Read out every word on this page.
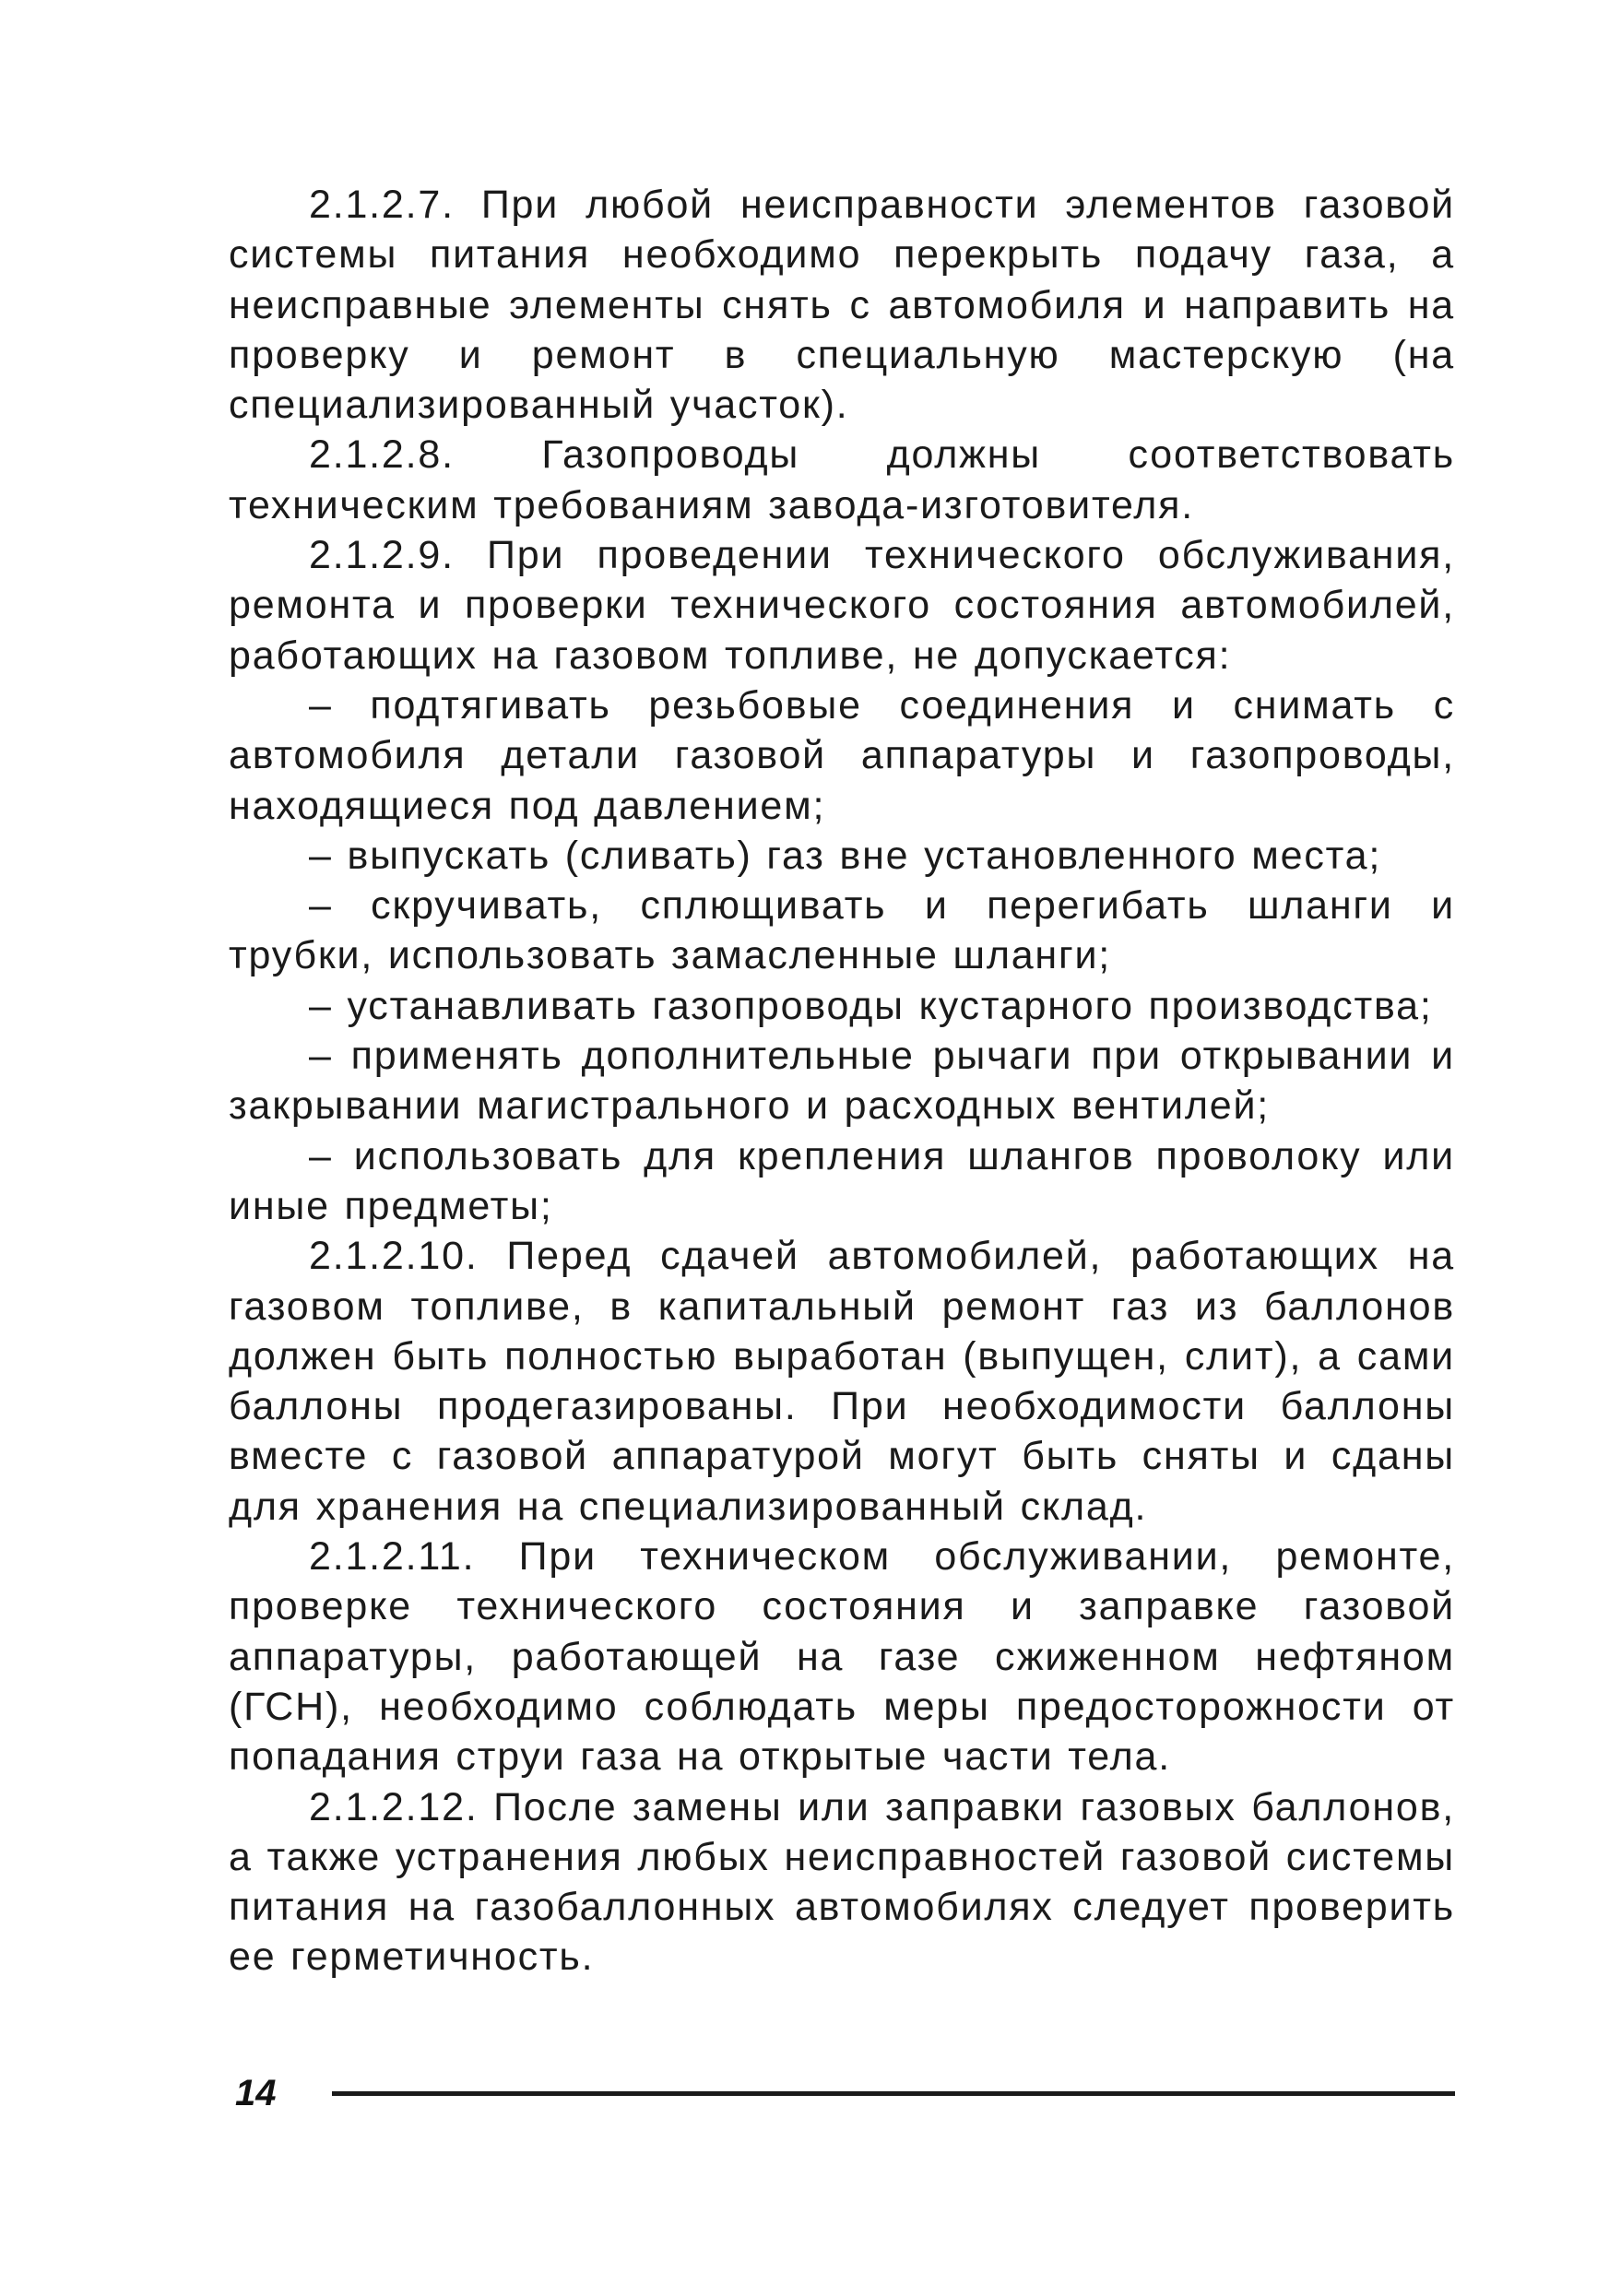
2.1.2.7. При любой неисправности элементов газовой системы питания необходимо перекрыть подачу газа, а неисправные элементы снять с автомобиля и направить на проверку и ремонт в специальную мастерскую (на специализированный участок).

2.1.2.8. Газопроводы должны соответствовать техническим требованиям завода-изготовителя.

2.1.2.9. При проведении технического обслуживания, ремонта и проверки технического состояния автомобилей, работающих на газовом топливе, не допускается:

– подтягивать резьбовые соединения и снимать с автомобиля детали газовой аппаратуры и газопроводы, находящиеся под давлением;

– выпускать (сливать) газ вне установленного места;

– скручивать, сплющивать и перегибать шланги и трубки, использовать замасленные шланги;

– устанавливать газопроводы кустарного производства;

– применять дополнительные рычаги при открывании и закрывании магистрального и расходных вентилей;

– использовать для крепления шлангов проволоку или иные предметы;

2.1.2.10. Перед сдачей автомобилей, работающих на газовом топливе, в капитальный ремонт газ из баллонов должен быть полностью выработан (выпущен, слит), а сами баллоны продегазированы. При необходимости баллоны вместе с газовой аппаратурой могут быть сняты и сданы для хранения на специализированный склад.

2.1.2.11. При техническом обслуживании, ремонте, проверке технического состояния и заправке газовой аппаратуры, работающей на газе сжиженном нефтяном (ГСН), необходимо соблюдать меры предосторожности от попадания струи газа на открытые части тела.

2.1.2.12. После замены или заправки газовых баллонов, а также устранения любых неисправностей газовой системы питания на газобаллонных автомобилях следует проверить ее герметичность.

14
